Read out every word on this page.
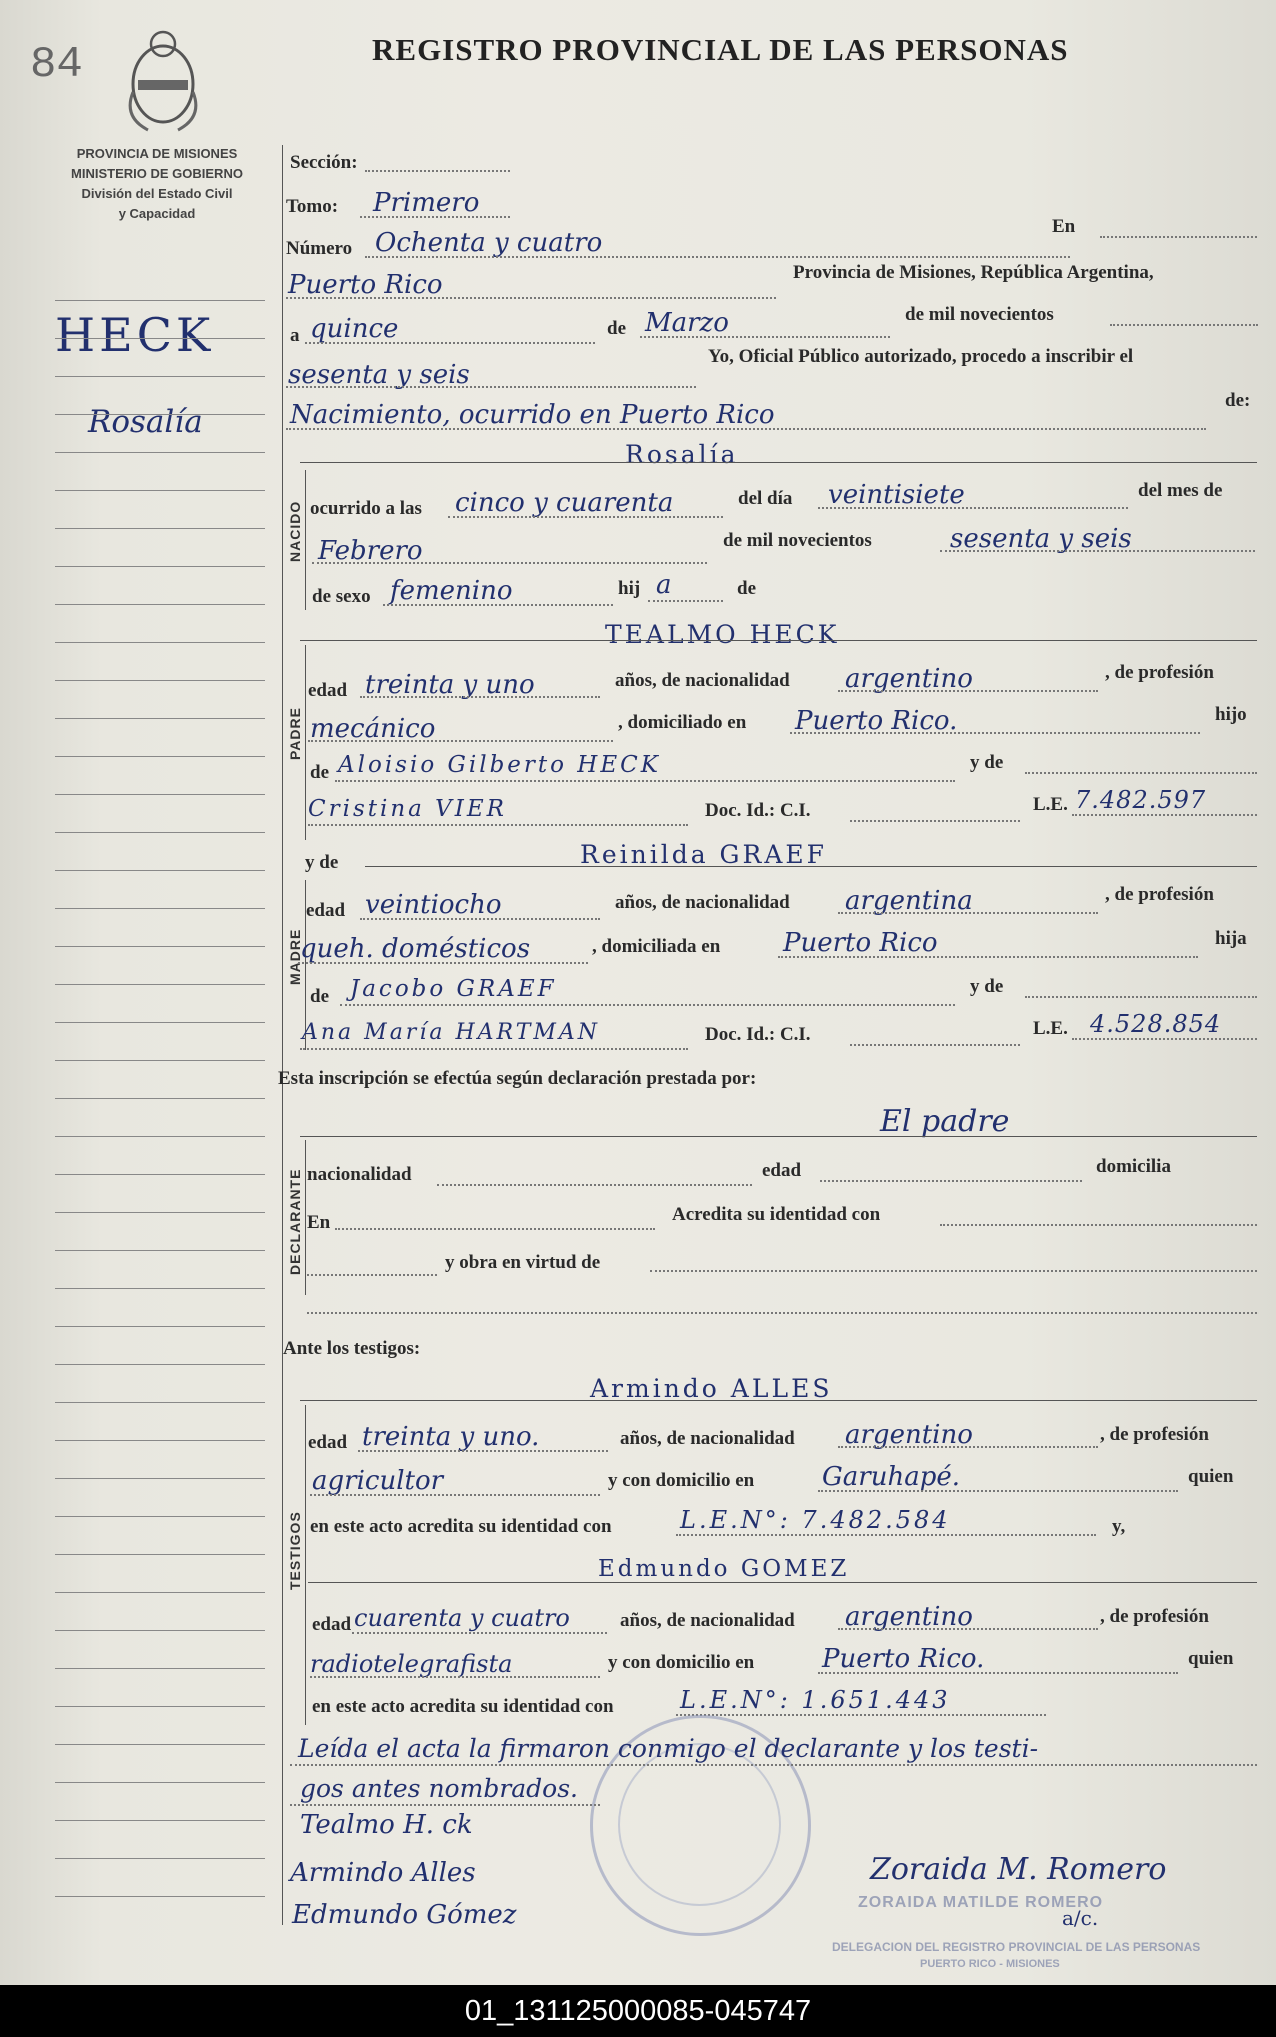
84	REGISTRO PROVINCIAL DE LAS PERSONAS
PROVINCIA DE MISIONES
MINISTERIO DE GOBIERNO
División del Estado Civil
y Capacidad
HECK
Rosalía
Sección:
Tomo: Primero
Número Ochenta y cuatro
En
Puerto Rico	Provincia de Misiones, República Argentina,
a quince	de Marzo	de mil novecientos
sesenta y seis
Yo, Oficial Público autorizado, procedo a inscribir el
Nacimiento, ocurrido en Puerto Rico	de:
Rosalía
NACIDO ocurrido a las cinco y cuarenta	del día veintisiete	del mes de
Febrero	de mil novecientos	sesenta y seis
de sexo femenino	hij a	de
TEALMO HECK
PADRE
edad treinta y uno	años, de nacionalidad argentino	, de profesión
mecánico	, domiciliado en Puerto Rico.	hijo
de Aloisio Gilberto HECK	y de
Cristina VIER	Doc. Id.: C.I.	L.E. 7.482.597
y de	Reinilda GRAEF
MADRE
edad veintiocho	años, de nacionalidad argentina	, de profesión
queh. domésticos	, domiciliada en Puerto Rico	hija
de Jacobo GRAEF	y de
Ana María HARTMAN	Doc. Id.: C.I.	L.E. 4.528.854
Esta inscripción se efectúa según declaración prestada por:
El padre
DECLARANTE nacionalidad	edad	domicilia
En	Acredita su identidad con
y obra en virtud de
Ante los testigos:
Armindo ALLES
TESTIGOS
edad treinta y uno.	años, de nacionalidad argentino	, de profesión
agricultor	y con domicilio en	Garuhapé.	quien
en este acto acredita su identidad con	L.E.N°: 7.482.584	y,
Edmundo GOMEZ
edad cuarenta y cuatro	años, de nacionalidad argentino	, de profesión
radiotelegrafista	y con domicilio en	Puerto Rico.	quien
en este acto acredita su identidad con	L.E.N°: 1.651.443
Leída el acta la firmaron conmigo el declarante y los testi-
gos antes nombrados.
Tealmo H. ck
Armindo Alles
Edmundo Gómez
Zoraida M. Romero
ZORAIDA MATILDE ROMERO
a/c.
DELEGACION DEL REGISTRO PROVINCIAL DE LAS PERSONAS
PUERTO RICO - MISIONES
01_131125000085-045747
